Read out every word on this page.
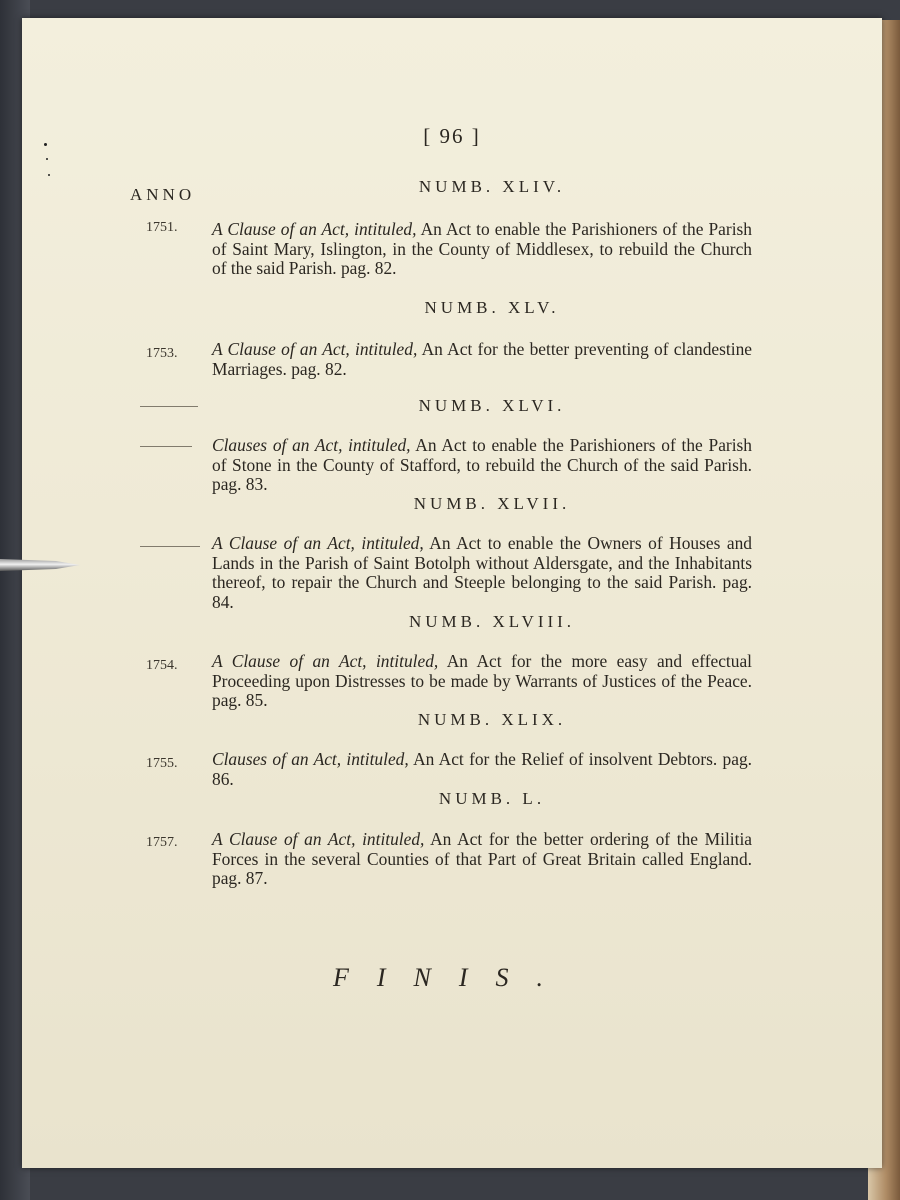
[ 96 ]
ANNO	NUMB. XLIV.
1751. A Clause of an Act, intituled, An Act to enable the Parishioners of the Parish of Saint Mary, Islington, in the County of Middlesex, to rebuild the Church of the said Parish. pag. 82.
NUMB. XLV.
1753. A Clause of an Act, intituled, An Act for the better preventing of clandestine Marriages. pag. 82.
NUMB. XLVI.
Clauses of an Act, intituled, An Act to enable the Parishioners of the Parish of Stone in the County of Stafford, to rebuild the Church of the said Parish. pag. 83.
NUMB. XLVII.
A Clause of an Act, intituled, An Act to enable the Owners of Houses and Lands in the Parish of Saint Botolph without Aldersgate, and the Inhabitants thereof, to repair the Church and Steeple belonging to the said Parish. pag. 84.
NUMB. XLVIII.
1754. A Clause of an Act, intituled, An Act for the more easy and effectual Proceeding upon Distresses to be made by Warrants of Justices of the Peace. pag. 85.
NUMB. XLIX.
1755. Clauses of an Act, intituled, An Act for the Relief of insolvent Debtors. pag. 86.
NUMB. L.
1757. A Clause of an Act, intituled, An Act for the better ordering of the Militia Forces in the several Counties of that Part of Great Britain called England. pag. 87.
FINIS.
